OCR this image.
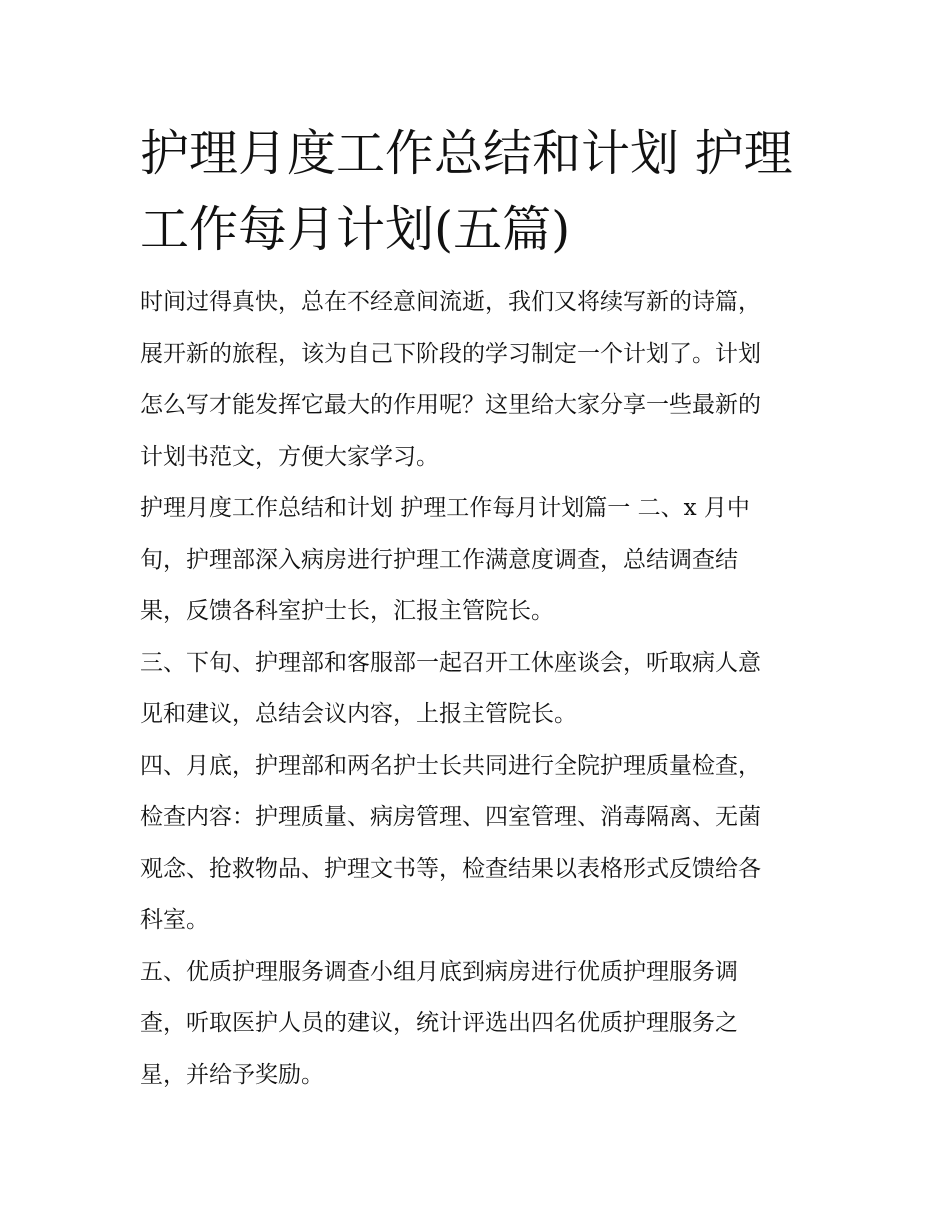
护理月度工作总结和计划 护理
工作每月计划(五篇)

时间过得真快，总在不经意间流逝，我们又将续写新的诗篇，
展开新的旅程，该为自己下阶段的学习制定一个计划了。计划
怎么写才能发挥它最大的作用呢？这里给大家分享一些最新的
计划书范文，方便大家学习。

护理月度工作总结和计划 护理工作每月计划篇一 二、x 月中
旬，护理部深入病房进行护理工作满意度调查，总结调查结
果，反馈各科室护士长，汇报主管院长。

三、下旬、护理部和客服部一起召开工休座谈会，听取病人意
见和建议，总结会议内容，上报主管院长。

四、月底，护理部和两名护士长共同进行全院护理质量检查，
检查内容：护理质量、病房管理、四室管理、消毒隔离、无菌
观念、抢救物品、护理文书等，检查结果以表格形式反馈给各
科室。

五、优质护理服务调查小组月底到病房进行优质护理服务调
查，听取医护人员的建议，统计评选出四名优质护理服务之
星，并给予奖励。
